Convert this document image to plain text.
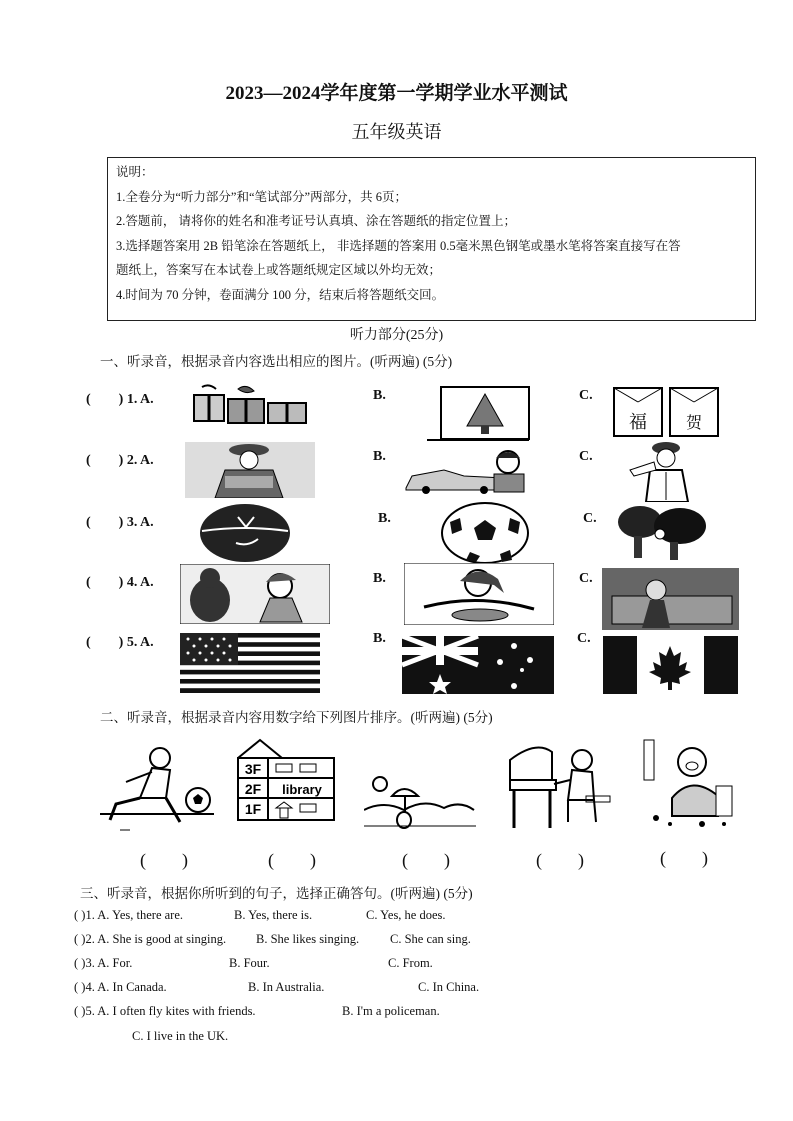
2023—2024学年度第一学期学业水平测试
五年级英语
说明：
1.全卷分为“听力部分”和“笔试部分”两部分，共 6页；
2.答题前， 请将你的姓名和准考证号认真填、涂在答题纸的指定位置上；
3.选择题答案用 2B 铅笔涂在答题纸上， 非选择题的答案用 0.5毫米黑色钢笔或墨水笔将答案直接写在答
题纸上，答案写在本试卷上或答题纸规定区域以外均无效；
4.时间为 70 分钟，卷面满分 100 分，结束后将答题纸交回。
听力部分(25分)
一、听录音，根据录音内容选出相应的图片。(听两遍) (5分)
(　　) 1. A.	B.	C.
福 贺
(　　) 2. A.	B.	C.
(　　) 3. A.	B.	C.
(　　) 4. A.	B.	C.
(　　) 5. A.	B.	C.
二、听录音，根据录音内容用数字给下列图片排序。(听两遍) (5分)
3F
2F
1F
library
(　　)	(　　)	(　　)	(　　)	(　　)
三、听录音，根据你所听到的句子，选择正确答句。(听两遍) (5分)
( )1. A. Yes, there are.	B. Yes, there is.	C. Yes, he does.
( )2. A. She is good at singing. B. She likes singing. C. She can sing.
( )3. A. For.	B. Four.	C. From.
( )4. A. In Canada.	B. In Australia.	C. In China.
( )5. A. I often fly kites with friends.	B. I'm a policeman.
C. I live in the UK.
